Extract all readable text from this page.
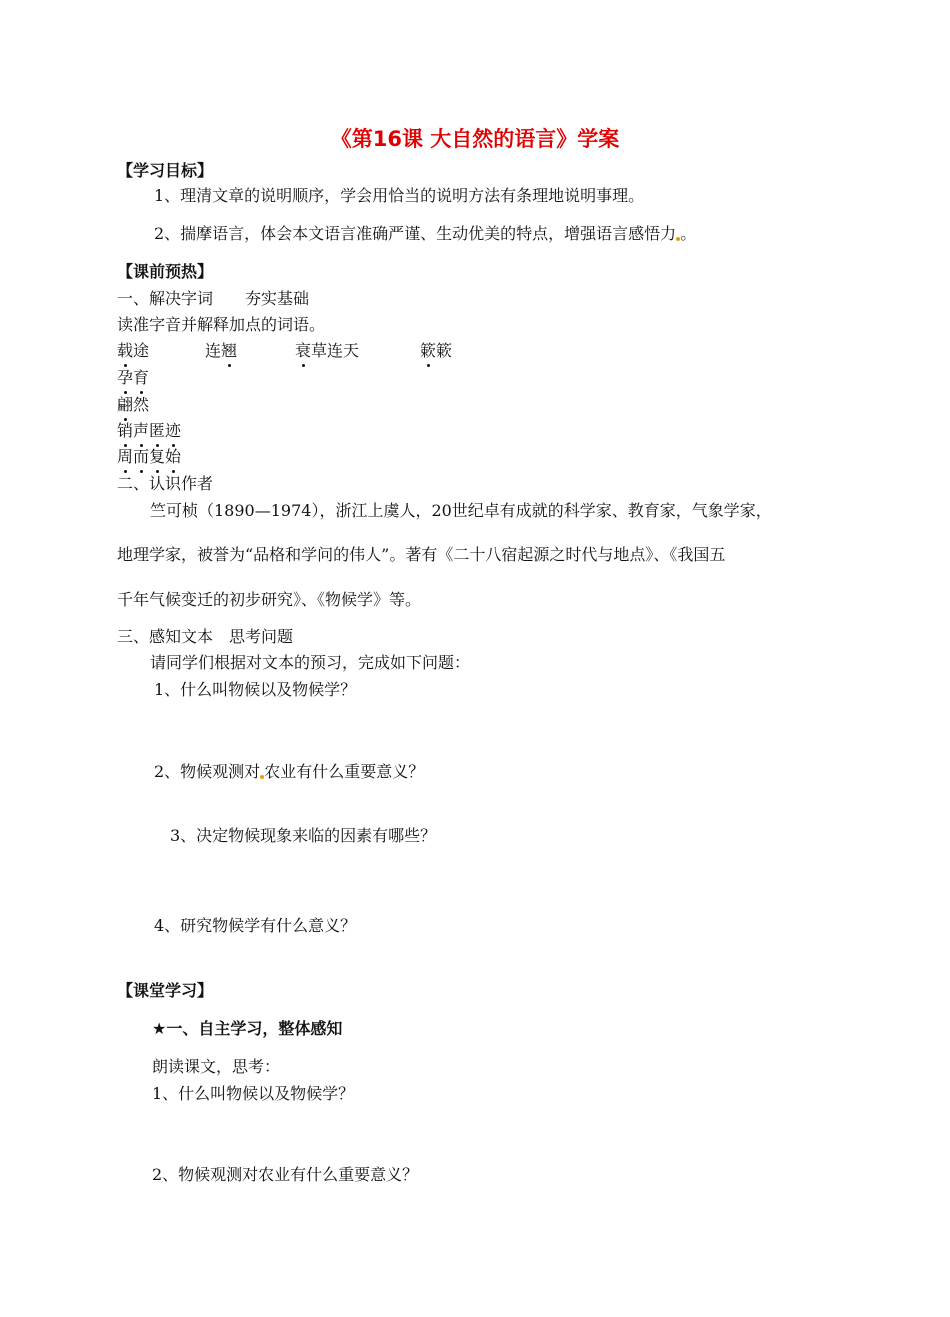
《第16课 大自然的语言》学案
【学习目标】
1、理清文章的说明顺序，学会用恰当的说明方法有条理地说明事理。
2、揣摩语言，体会本文语言准确严谨、生动优美的特点，增强语言感悟力 。
【课前预热】
一、解决字词　　夯实基础
读准字音并解释加点的词语。
载途	连翘	衰草连天	簌簌
孕育
翩然
销声匿迹
周而复始
二、认识作者
竺可桢（1890—1974），浙江上虞人，20世纪卓有成就的科学家、教育家，气象学家，
地理学家，被誉为“品格和学问的伟人”。著有《二十八宿起源之时代与地点》、《我国五
千年气候变迁的初步研究》、《物候学》等。
三、感知文本　思考问题
请同学们根据对文本的预习，完成如下问题：
1、什么叫物候以及物候学？
2、物候观测对 农业有什么重要意义？
3、决定物候现象来临的因素有哪些？
4、研究物候学有什么意义？
【课堂学习】
★一、自主学习，整体感知
朗读课文，思考：
1、什么叫物候以及物候学？
2、物候观测对农业有什么重要意义？
